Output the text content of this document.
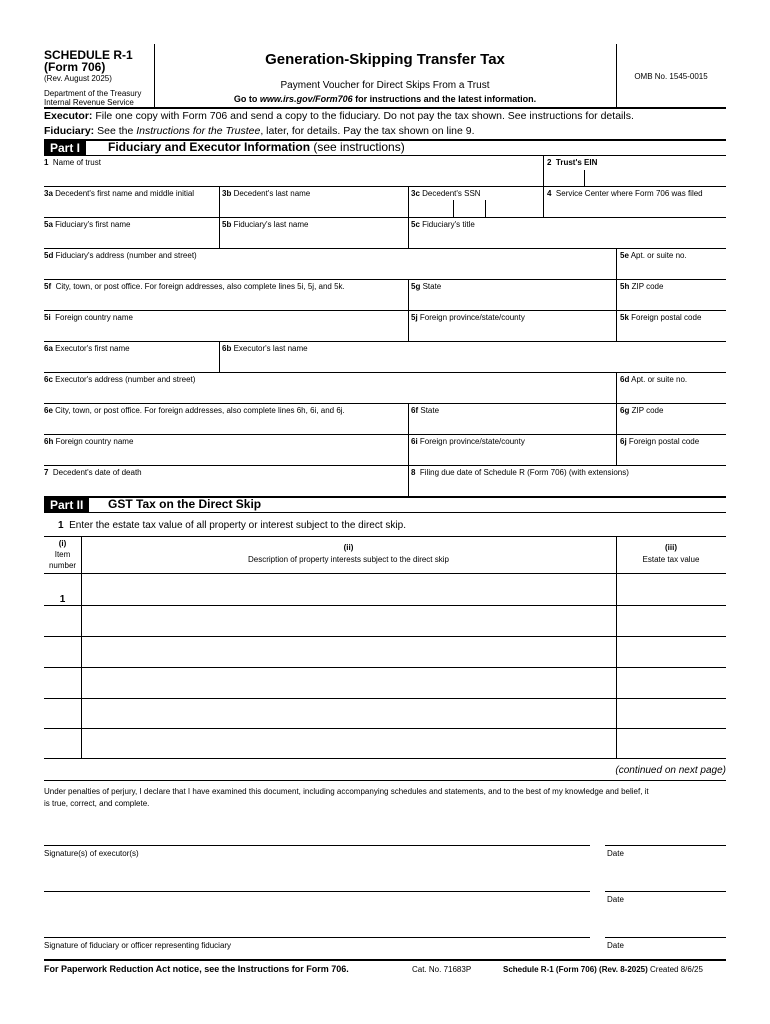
SCHEDULE R-1
(Form 706)
(Rev. August 2025)
Department of the Treasury
Internal Revenue Service
Generation-Skipping Transfer Tax
Payment Voucher for Direct Skips From a Trust
Go to www.irs.gov/Form706 for instructions and the latest information.
OMB No. 1545-0015
Executor: File one copy with Form 706 and send a copy to the fiduciary. Do not pay the tax shown. See instructions for details.
Fiduciary: See the Instructions for the Trustee, later, for details. Pay the tax shown on line 9.
Part I	Fiduciary and Executor Information (see instructions)
1 Name of trust	2 Trust's EIN
3a Decedent's first name and middle initial	3b Decedent's last name	3c Decedent's SSN	4 Service Center where Form 706 was filed
5a Fiduciary's first name	5b Fiduciary's last name	5c Fiduciary's title
5d Fiduciary's address (number and street)	5e Apt. or suite no.
5f City, town, or post office. For foreign addresses, also complete lines 5i, 5j, and 5k.	5g State	5h ZIP code
5i Foreign country name	5j Foreign province/state/county	5k Foreign postal code
6a Executor's first name	6b Executor's last name
6c Executor's address (number and street)	6d Apt. or suite no.
6e City, town, or post office. For foreign addresses, also complete lines 6h, 6i, and 6j.	6f State	6g ZIP code
6h Foreign country name	6i Foreign province/state/county	6j Foreign postal code
7 Decedent's date of death	8 Filing due date of Schedule R (Form 706) (with extensions)
Part II	GST Tax on the Direct Skip
1 Enter the estate tax value of all property or interest subject to the direct skip.
(i)
Item
number
(ii)
Description of property interests subject to the direct skip
(iii)
Estate tax value
1
(continued on next page)
Under penalties of perjury, I declare that I have examined this document, including accompanying schedules and statements, and to the best of my knowledge and belief, it
is true, correct, and complete.
Signature(s) of executor(s)	Date
Date
Signature of fiduciary or officer representing fiduciary	Date
For Paperwork Reduction Act notice, see the Instructions for Form 706.	Cat. No. 71683P	Schedule R-1 (Form 706) (Rev. 8-2025) Created 8/6/25
